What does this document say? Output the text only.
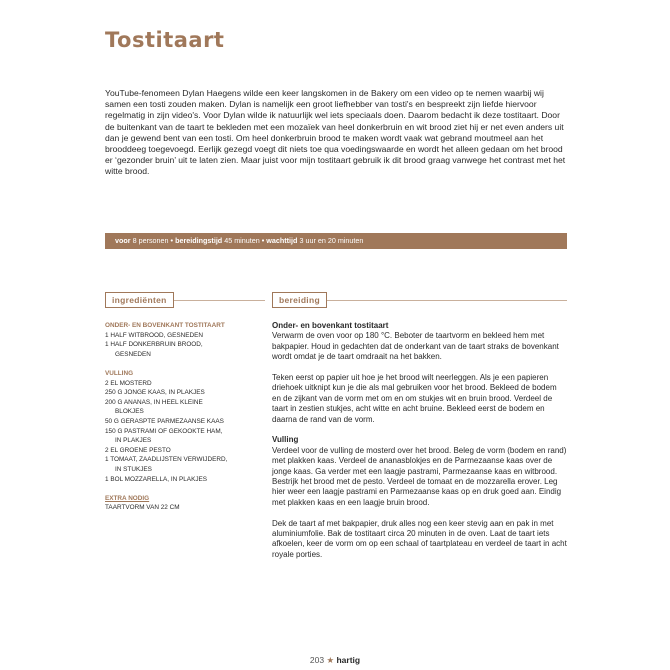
Tostitaart

YouTube-fenomeen Dylan Haegens wilde een keer langskomen in de Bakery om een video op te nemen waarbij wij samen een tosti zouden maken. Dylan is namelijk een groot liefhebber van tosti's en bespreekt zijn liefde hiervoor regelmatig in zijn video's. Voor Dylan wilde ik natuurlijk wel iets speciaals doen. Daarom bedacht ik deze tostitaart. Door de buitenkant van de taart te bekleden met een mozaïek van heel donkerbruin en wit brood ziet hij er net even anders uit dan je gewend bent van een tosti. Om heel donkerbruin brood te maken wordt vaak wat gebrand moutmeel aan het brooddeeg toegevoegd. Eerlijk gezegd voegt dit niets toe qua voedingswaarde en wordt het alleen gedaan om het brood er ‘gezonder bruin’ uit te laten zien. Maar juist voor mijn tostitaart gebruik ik dit brood graag vanwege het contrast met het witte brood.

voor 8 personen • bereidingstijd 45 minuten • wachttijd 3 uur en 20 minuten
ingrediënten	bereiding
ONDER- EN BOVENKANT TOSTITAART
1 HALF WITBROOD, GESNEDEN
1 HALF DONKERBRUIN BROOD,
GESNEDEN
VULLING
2 EL MOSTERD
250 G JONGE KAAS, IN PLAKJES
200 G ANANAS, IN HEEL KLEINE
BLOKJES
50 G GERASPTE PARMEZAANSE KAAS
150 G PASTRAMI OF GEKOOKTE HAM,
IN PLAKJES
2 EL GROENE PESTO
1 TOMAAT, ZAADLIJSTEN VERWIJDERD,
IN STUKJES
1 BOL MOZZARELLA, IN PLAKJES
EXTRA NODIG
TAARTVORM VAN 22 CM
Onder- en bovenkant tostitaart

Verwarm de oven voor op 180 °C. Beboter de taartvorm en bekleed hem met bakpapier. Houd in gedachten dat de onderkant van de taart straks de bovenkant wordt omdat je de taart omdraait na het bakken.

Teken eerst op papier uit hoe je het brood wilt neerleggen. Als je een papieren driehoek uitknipt kun je die als mal gebruiken voor het brood. Bekleed de bodem en de zijkant van de vorm met om en om stukjes wit en bruin brood. Verdeel de taart in zestien stukjes, acht witte en acht bruine. Bekleed eerst de bodem en daarna de rand van de vorm.

Vulling

Verdeel voor de vulling de mosterd over het brood. Beleg de vorm (bodem en rand) met plakken kaas. Verdeel de ananasblokjes en de Parmezaanse kaas over de jonge kaas. Ga verder met een laagje pastrami, Parmezaanse kaas en witbrood. Bestrijk het brood met de pesto. Verdeel de tomaat en de mozzarella erover. Leg hier weer een laagje pastrami en Parmezaanse kaas op en druk goed aan. Eindig met plakken kaas en een laagje bruin brood.

Dek de taart af met bakpapier, druk alles nog een keer stevig aan en pak in met aluminiumfolie. Bak de tostitaart circa 20 minuten in de oven. Laat de taart iets afkoelen, keer de vorm om op een schaal of taartplateau en verdeel de taart in acht royale porties.

203 ★ hartig
